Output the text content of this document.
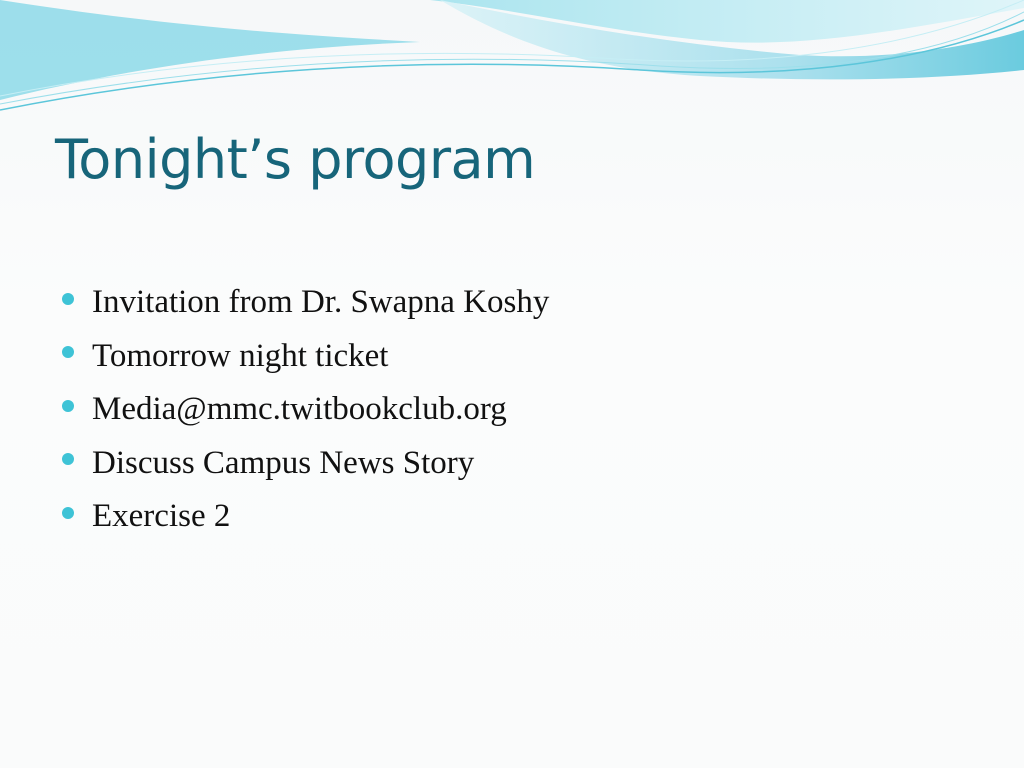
Tonight’s program
Invitation from Dr. Swapna Koshy
Tomorrow night ticket
Media@mmc.twitbookclub.org
Discuss Campus News Story
Exercise 2
